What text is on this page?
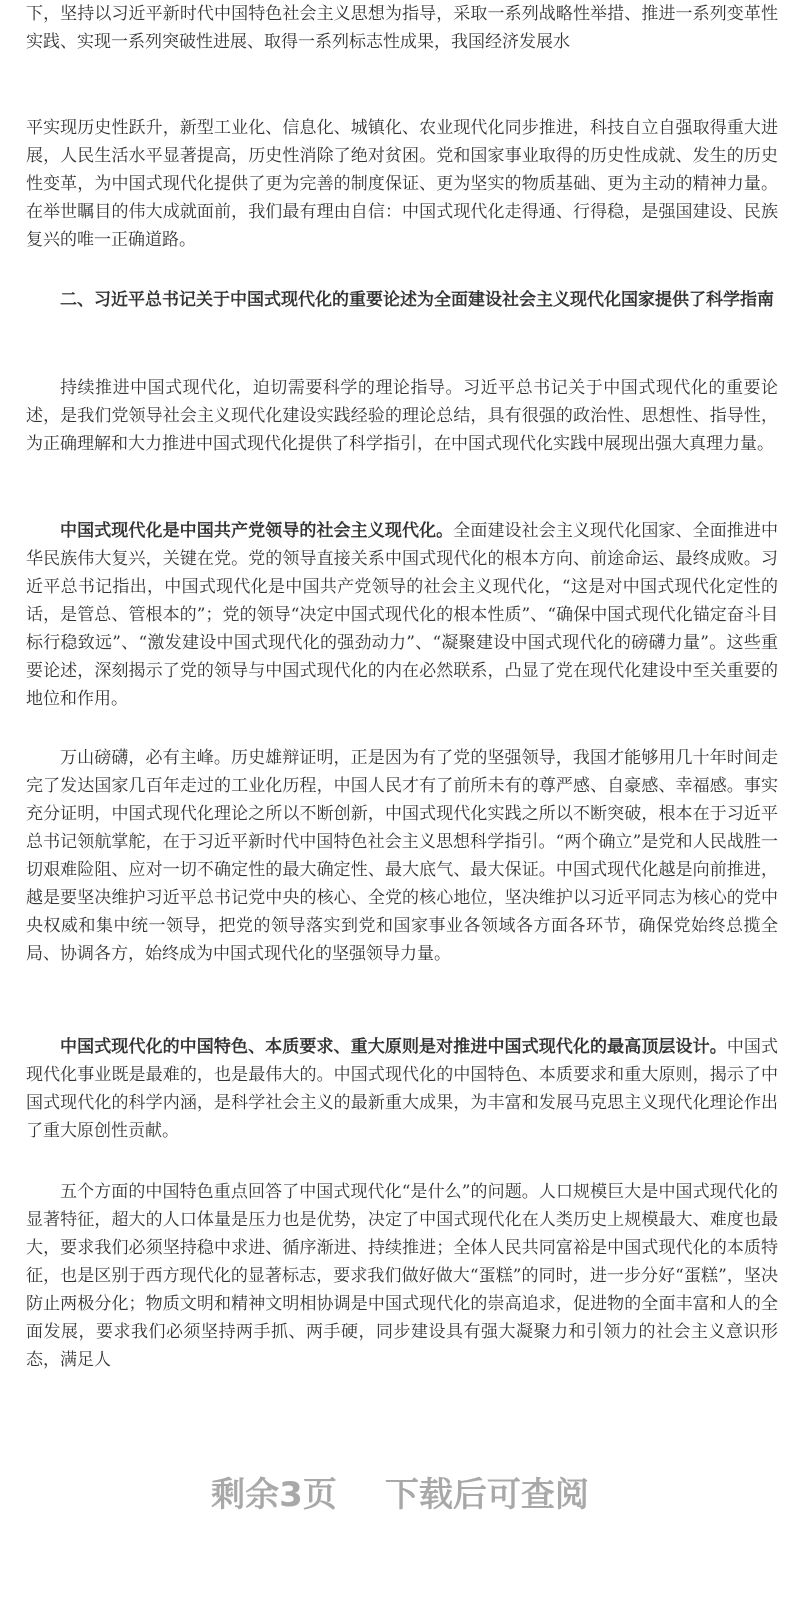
下，坚持以习近平新时代中国特色社会主义思想为指导，采取一系列战略性举措、推进一系列变革性实践、实现一系列突破性进展、取得一系列标志性成果，我国经济发展水

平实现历史性跃升，新型工业化、信息化、城镇化、农业现代化同步推进，科技自立自强取得重大进展，人民生活水平显著提高，历史性消除了绝对贫困。党和国家事业取得的历史性成就、发生的历史性变革，为中国式现代化提供了更为完善的制度保证、更为坚实的物质基础、更为主动的精神力量。在举世瞩目的伟大成就面前，我们最有理由自信：中国式现代化走得通、行得稳，是强国建设、民族复兴的唯一正确道路。

二、习近平总书记关于中国式现代化的重要论述为全面建设社会主义现代化国家提供了科学指南

持续推进中国式现代化，迫切需要科学的理论指导。习近平总书记关于中国式现代化的重要论述，是我们党领导社会主义现代化建设实践经验的理论总结，具有很强的政治性、思想性、指导性，为正确理解和大力推进中国式现代化提供了科学指引，在中国式现代化实践中展现出强大真理力量。

中国式现代化是中国共产党领导的社会主义现代化。全面建设社会主义现代化国家、全面推进中华民族伟大复兴，关键在党。党的领导直接关系中国式现代化的根本方向、前途命运、最终成败。习近平总书记指出，中国式现代化是中国共产党领导的社会主义现代化，“这是对中国式现代化定性的话，是管总、管根本的”；党的领导“决定中国式现代化的根本性质”、“确保中国式现代化锚定奋斗目标行稳致远”、“激发建设中国式现代化的强劲动力”、“凝聚建设中国式现代化的磅礴力量”。这些重要论述，深刻揭示了党的领导与中国式现代化的内在必然联系，凸显了党在现代化建设中至关重要的地位和作用。

万山磅礴，必有主峰。历史雄辩证明，正是因为有了党的坚强领导，我国才能够用几十年时间走完了发达国家几百年走过的工业化历程，中国人民才有了前所未有的尊严感、自豪感、幸福感。事实充分证明，中国式现代化理论之所以不断创新，中国式现代化实践之所以不断突破，根本在于习近平总书记领航掌舵，在于习近平新时代中国特色社会主义思想科学指引。“两个确立”是党和人民战胜一切艰难险阻、应对一切不确定性的最大确定性、最大底气、最大保证。中国式现代化越是向前推进，越是要坚决维护习近平总书记党中央的核心、全党的核心地位，坚决维护以习近平同志为核心的党中央权威和集中统一领导，把党的领导落实到党和国家事业各领域各方面各环节，确保党始终总揽全局、协调各方，始终成为中国式现代化的坚强领导力量。

中国式现代化的中国特色、本质要求、重大原则是对推进中国式现代化的最高顶层设计。中国式现代化事业既是最难的，也是最伟大的。中国式现代化的中国特色、本质要求和重大原则，揭示了中国式现代化的科学内涵，是科学社会主义的最新重大成果，为丰富和发展马克思主义现代化理论作出了重大原创性贡献。

五个方面的中国特色重点回答了中国式现代化“是什么”的问题。人口规模巨大是中国式现代化的显著特征，超大的人口体量是压力也是优势，决定了中国式现代化在人类历史上规模最大、难度也最大，要求我们必须坚持稳中求进、循序渐进、持续推进；全体人民共同富裕是中国式现代化的本质特征，也是区别于西方现代化的显著标志，要求我们做好做大“蛋糕”的同时，进一步分好“蛋糕”，坚决防止两极分化；物质文明和精神文明相协调是中国式现代化的崇高追求，促进物的全面丰富和人的全面发展，要求我们必须坚持两手抓、两手硬，同步建设具有强大凝聚力和引领力的社会主义意识形态，满足人

剩余3页 下载后可查阅
